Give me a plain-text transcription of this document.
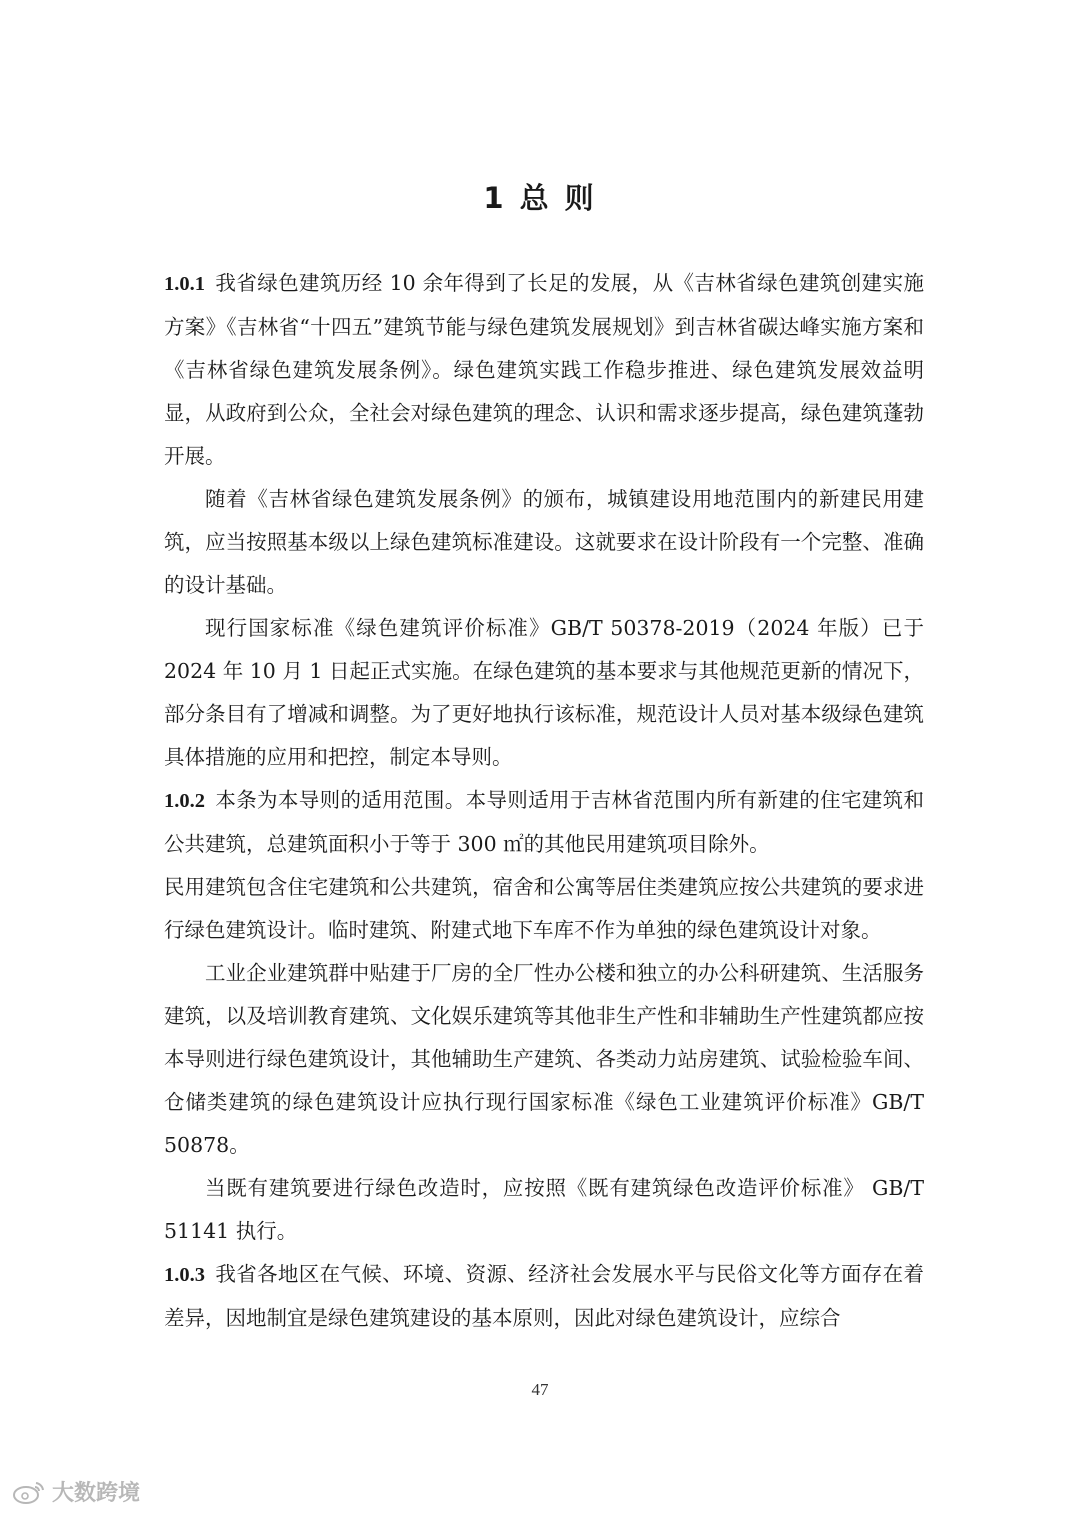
1 总 则

1.0.1 我省绿色建筑历经 10 余年得到了长足的发展，从《吉林省绿色建筑创建实施方案》《吉林省“十四五”建筑节能与绿色建筑发展规划》到吉林省碳达峰实施方案和《吉林省绿色建筑发展条例》。绿色建筑实践工作稳步推进、绿色建筑发展效益明显，从政府到公众，全社会对绿色建筑的理念、认识和需求逐步提高，绿色建筑蓬勃开展。

随着《吉林省绿色建筑发展条例》的颁布，城镇建设用地范围内的新建民用建筑，应当按照基本级以上绿色建筑标准建设。这就要求在设计阶段有一个完整、准确的设计基础。

现行国家标准《绿色建筑评价标准》GB/T 50378-2019（2024 年版）已于 2024 年 10 月 1 日起正式实施。在绿色建筑的基本要求与其他规范更新的情况下，部分条目有了增减和调整。为了更好地执行该标准，规范设计人员对基本级绿色建筑具体措施的应用和把控，制定本导则。

1.0.2 本条为本导则的适用范围。本导则适用于吉林省范围内所有新建的住宅建筑和公共建筑，总建筑面积小于等于 300 ㎡的其他民用建筑项目除外。

民用建筑包含住宅建筑和公共建筑，宿舍和公寓等居住类建筑应按公共建筑的要求进行绿色建筑设计。临时建筑、附建式地下车库不作为单独的绿色建筑设计对象。

工业企业建筑群中贴建于厂房的全厂性办公楼和独立的办公科研建筑、生活服务建筑，以及培训教育建筑、文化娱乐建筑等其他非生产性和非辅助生产性建筑都应按本导则进行绿色建筑设计，其他辅助生产建筑、各类动力站房建筑、试验检验车间、仓储类建筑的绿色建筑设计应执行现行国家标准《绿色工业建筑评价标准》GB/T 50878。

当既有建筑要进行绿色改造时，应按照《既有建筑绿色改造评价标准》 GB/T 51141 执行。

1.0.3 我省各地区在气候、环境、资源、经济社会发展水平与民俗文化等方面存在着差异，因地制宜是绿色建筑建设的基本原则，因此对绿色建筑设计，应综合

47
大数跨境
